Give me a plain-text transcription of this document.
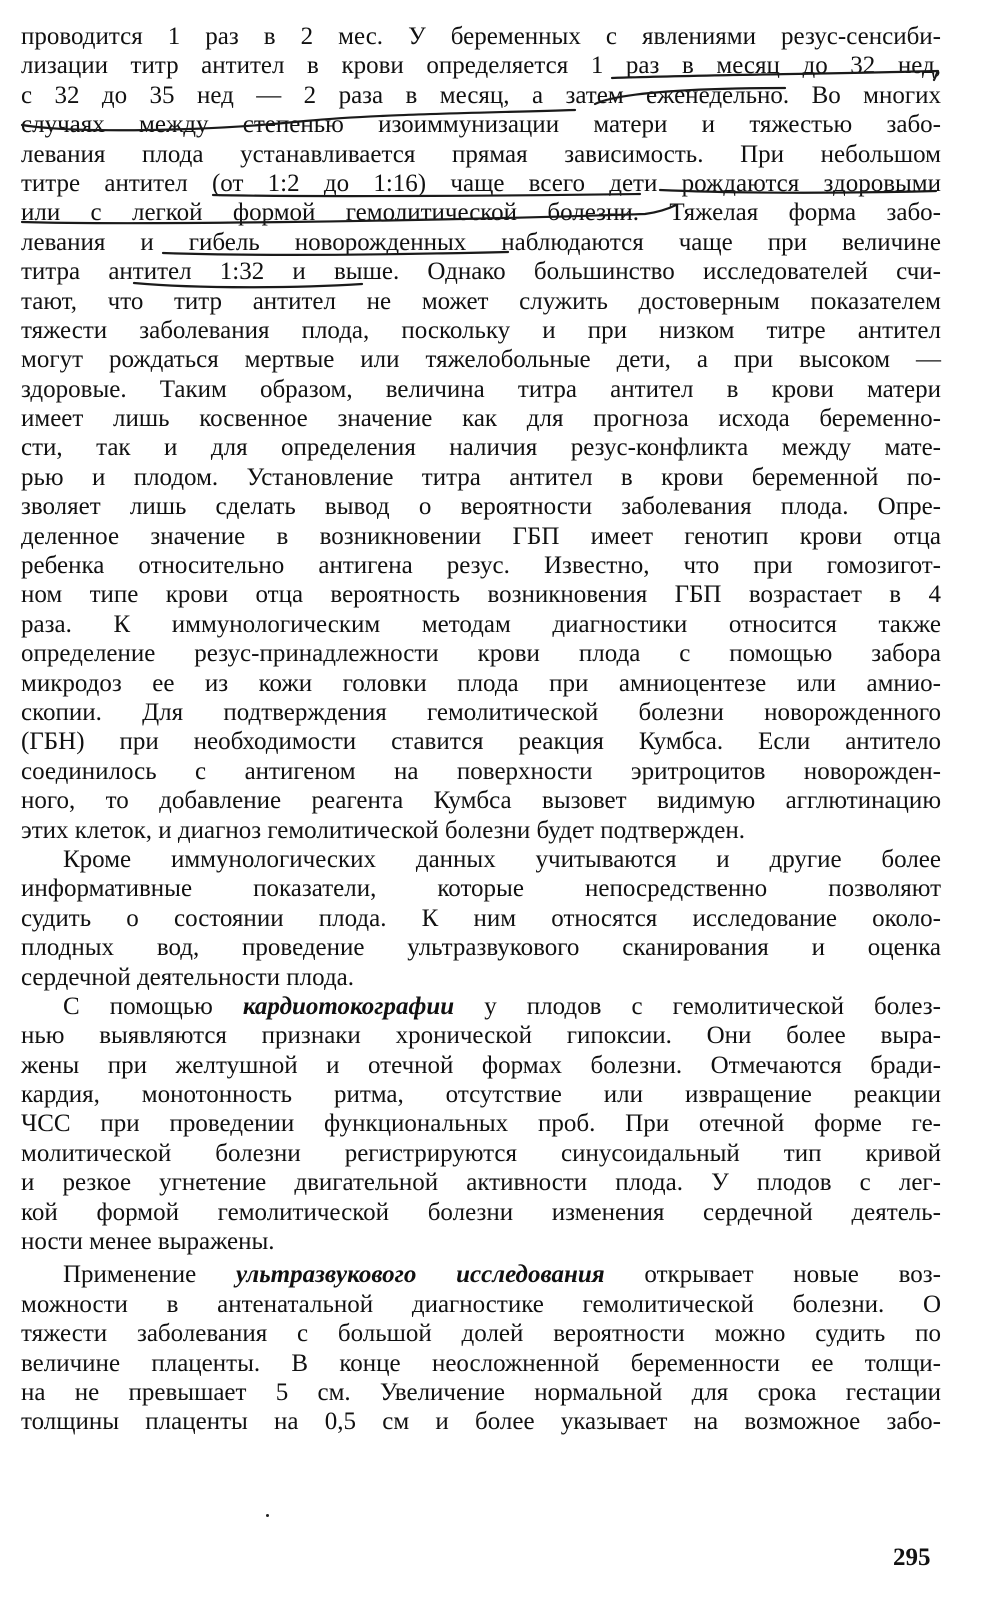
проводится 1 раз в 2 мес. У беременных с явлениями резус-сенсиби-
лизации титр антител в крови определяется 1 раз в месяц до 32 нед,
с 32 до 35 нед — 2 раза в месяц, а затем еженедельно. Во многих
случаях между степенью изоиммунизации матери и тяжестью забо-
левания плода устанавливается прямая зависимость. При небольшом
титре антител (от 1:2 до 1:16) чаще всего дети рождаются здоровыми
или с легкой формой гемолитической болезни. Тяжелая форма забо-
левания и гибель новорожденных наблюдаются чаще при величине
титра антител 1:32 и выше. Однако большинство исследователей счи-
тают, что титр антител не может служить достоверным показателем
тяжести заболевания плода, поскольку и при низком титре антител
могут рождаться мертвые или тяжелобольные дети, а при высоком —
здоровые. Таким образом, величина титра антител в крови матери
имеет лишь косвенное значение как для прогноза исхода беременно-
сти, так и для определения наличия резус-конфликта между мате-
рью и плодом. Установление титра антител в крови беременной по-
зволяет лишь сделать вывод о вероятности заболевания плода. Опре-
деленное значение в возникновении ГБП имеет генотип крови отца
ребенка относительно антигена резус. Известно, что при гомозигот-
ном типе крови отца вероятность возникновения ГБП возрастает в 4
раза. К иммунологическим методам диагностики относится также
определение резус-принадлежности крови плода с помощью забора
микродоз ее из кожи головки плода при амниоцентезе или амнио-
скопии. Для подтверждения гемолитической болезни новорожденного
(ГБН) при необходимости ставится реакция Кумбса. Если антитело
соединилось с антигеном на поверхности эритроцитов новорожден-
ного, то добавление реагента Кумбса вызовет видимую агглютинацию
этих клеток, и диагноз гемолитической болезни будет подтвержден.
Кроме иммунологических данных учитываются и другие более
информативные показатели, которые непосредственно позволяют
судить о состоянии плода. К ним относятся исследование около-
плодных вод, проведение ультразвукового сканирования и оценка
сердечной деятельности плода.
С помощью кардиотокографии у плодов с гемолитической болез-
нью выявляются признаки хронической гипоксии. Они более выра-
жены при желтушной и отечной формах болезни. Отмечаются бради-
кардия, монотонность ритма, отсутствие или извращение реакции
ЧСС при проведении функциональных проб. При отечной форме ге-
молитической болезни регистрируются синусоидальный тип кривой
и резкое угнетение двигательной активности плода. У плодов с лег-
кой формой гемолитической болезни изменения сердечной деятель-
ности менее выражены.
Применение ультразвукового исследования открывает новые воз-
можности в антенатальной диагностике гемолитической болезни. О
тяжести заболевания с большой долей вероятности можно судить по
величине плаценты. В конце неосложненной беременности ее толщи-
на не превышает 5 см. Увеличение нормальной для срока гестации
толщины плаценты на 0,5 см и более указывает на возможное забо-
295
